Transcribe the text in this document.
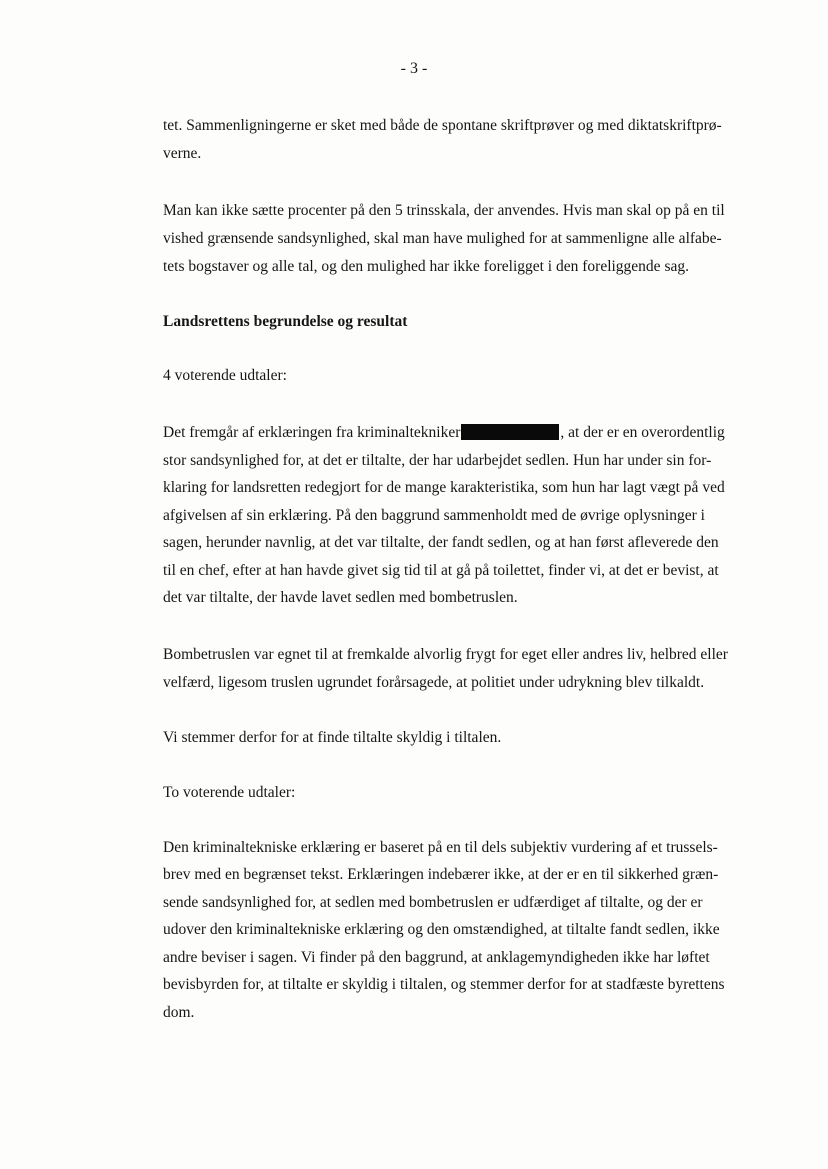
- 3 -
tet. Sammenligningerne er sket med både de spontane skriftprøver og med diktatskriftprø-
verne.
Man kan ikke sætte procenter på den 5 trinsskala, der anvendes. Hvis man skal op på en til
vished grænsende sandsynlighed, skal man have mulighed for at sammenligne alle alfabe-
tets bogstaver og alle tal, og den mulighed har ikke foreligget i den foreliggende sag.
Landsrettens begrundelse og resultat
4 voterende udtaler:
Det fremgår af erklæringen fra kriminaltekniker	, at der er en overordentlig
stor sandsynlighed for, at det er tiltalte, der har udarbejdet sedlen. Hun har under sin for-
klaring for landsretten redegjort for de mange karakteristika, som hun har lagt vægt på ved
afgivelsen af sin erklæring. På den baggrund sammenholdt med de øvrige oplysninger i
sagen, herunder navnlig, at det var tiltalte, der fandt sedlen, og at han først afleverede den
til en chef, efter at han havde givet sig tid til at gå på toilettet, finder vi, at det er bevist, at
det var tiltalte, der havde lavet sedlen med bombetruslen.
Bombetruslen var egnet til at fremkalde alvorlig frygt for eget eller andres liv, helbred eller
velfærd, ligesom truslen ugrundet forårsagede, at politiet under udrykning blev tilkaldt.
Vi stemmer derfor for at finde tiltalte skyldig i tiltalen.
To voterende udtaler:
Den kriminaltekniske erklæring er baseret på en til dels subjektiv vurdering af et trussels-
brev med en begrænset tekst. Erklæringen indebærer ikke, at der er en til sikkerhed græn-
sende sandsynlighed for, at sedlen med bombetruslen er udfærdiget af tiltalte, og der er
udover den kriminaltekniske erklæring og den omstændighed, at tiltalte fandt sedlen, ikke
andre beviser i sagen. Vi finder på den baggrund, at anklagemyndigheden ikke har løftet
bevisbyrden for, at tiltalte er skyldig i tiltalen, og stemmer derfor for at stadfæste byrettens
dom.
